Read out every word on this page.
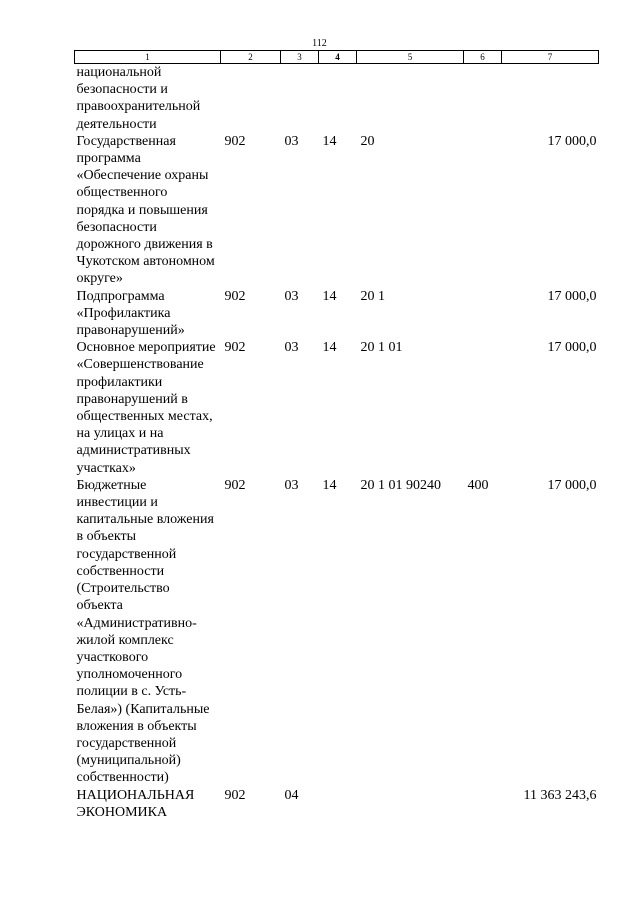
112
1	2	3	4	5	6	7
национальной безопасности и правоохранительной деятельности						
Государственная программа «Обеспечение охраны общественного порядка и повышения безопасности дорожного движения в Чукотском автономном округе»	902	03	14	20		17 000,0
Подпрограмма «Профилактика правонарушений»	902	03	14	20 1		17 000,0
Основное мероприятие «Совершенствование профилактики правонарушений в общественных местах, на улицах и на административных участках»	902	03	14	20 1 01		17 000,0
Бюджетные инвестиции и капитальные вложения в объекты государственной собственности (Строительство объекта «Административно-жилой комплекс участкового уполномоченного полиции в с. Усть-Белая») (Капитальные вложения в объекты государственной (муниципальной) собственности)	902	03	14	20 1 01 90240	400	17 000,0
НАЦИОНАЛЬНАЯ ЭКОНОМИКА	902	04				11 363 243,6
